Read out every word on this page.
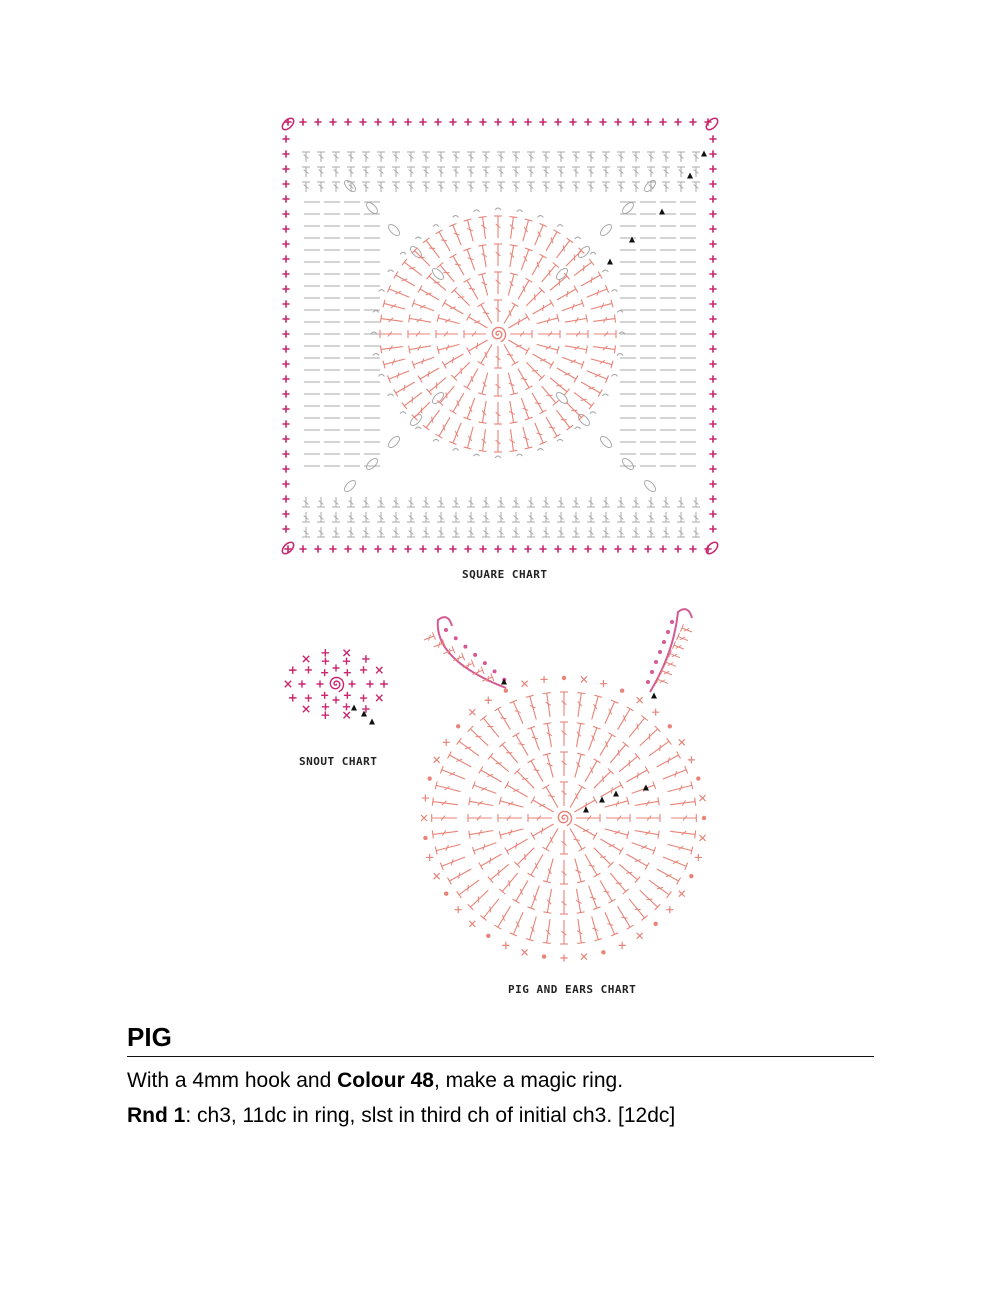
SQUARE CHART
SNOUT CHART
PIG AND EARS CHART
PIG

With a 4mm hook and Colour 48, make a magic ring.

Rnd 1: ch3, 11dc in ring, slst in third ch of initial ch3. [12dc]
